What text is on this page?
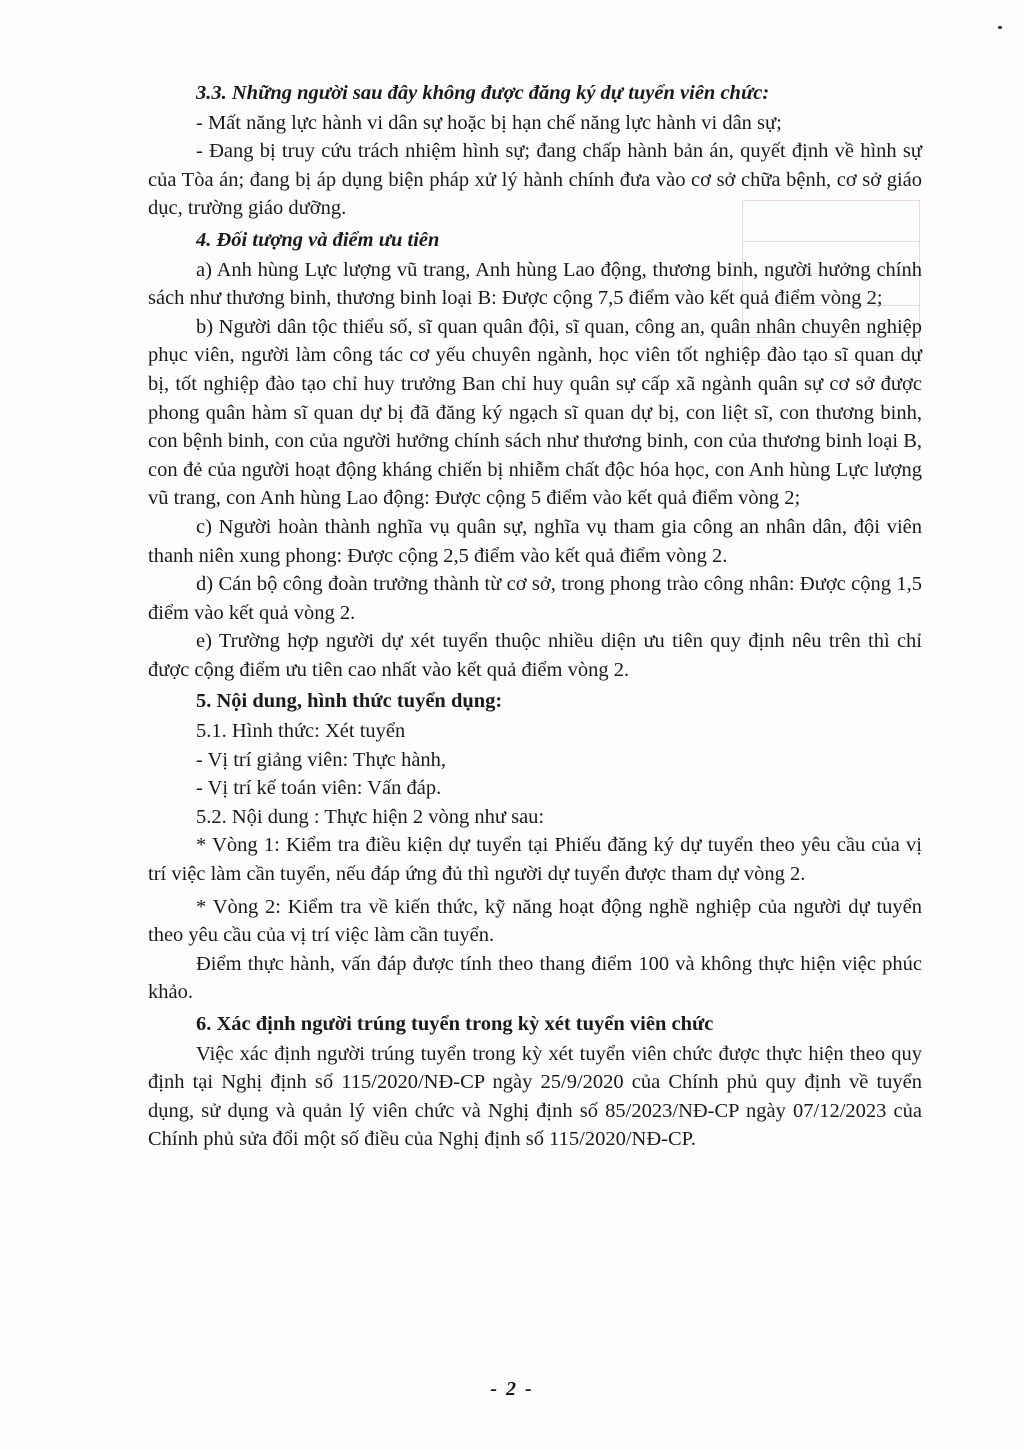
3.3. Những người sau đây không được đăng ký dự tuyển viên chức:

- Mất năng lực hành vi dân sự hoặc bị hạn chế năng lực hành vi dân sự;

- Đang bị truy cứu trách nhiệm hình sự; đang chấp hành bản án, quyết định về hình sự của Tòa án; đang bị áp dụng biện pháp xử lý hành chính đưa vào cơ sở chữa bệnh, cơ sở giáo dục, trường giáo dưỡng.

4. Đối tượng và điểm ưu tiên

a) Anh hùng Lực lượng vũ trang, Anh hùng Lao động, thương binh, người hưởng chính sách như thương binh, thương binh loại B: Được cộng 7,5 điểm vào kết quả điểm vòng 2;

b) Người dân tộc thiểu số, sĩ quan quân đội, sĩ quan, công an, quân nhân chuyên nghiệp phục viên, người làm công tác cơ yếu chuyên ngành, học viên tốt nghiệp đào tạo sĩ quan dự bị, tốt nghiệp đào tạo chỉ huy trưởng Ban chỉ huy quân sự cấp xã ngành quân sự cơ sở được phong quân hàm sĩ quan dự bị đã đăng ký ngạch sĩ quan dự bị, con liệt sĩ, con thương binh, con bệnh binh, con của người hưởng chính sách như thương binh, con của thương binh loại B, con đẻ của người hoạt động kháng chiến bị nhiễm chất độc hóa học, con Anh hùng Lực lượng vũ trang, con Anh hùng Lao động: Được cộng 5 điểm vào kết quả điểm vòng 2;

c) Người hoàn thành nghĩa vụ quân sự, nghĩa vụ tham gia công an nhân dân, đội viên thanh niên xung phong: Được cộng 2,5 điểm vào kết quả điểm vòng 2.

d) Cán bộ công đoàn trưởng thành từ cơ sở, trong phong trào công nhân: Được cộng 1,5 điểm vào kết quả vòng 2.

e) Trường hợp người dự xét tuyển thuộc nhiều diện ưu tiên quy định nêu trên thì chỉ được cộng điểm ưu tiên cao nhất vào kết quả điểm vòng 2.

5. Nội dung, hình thức tuyển dụng:

5.1. Hình thức: Xét tuyển

- Vị trí giảng viên: Thực hành,

- Vị trí kế toán viên: Vấn đáp.

5.2. Nội dung : Thực hiện 2 vòng như sau:

* Vòng 1: Kiểm tra điều kiện dự tuyển tại Phiếu đăng ký dự tuyển theo yêu cầu của vị trí việc làm cần tuyển, nếu đáp ứng đủ thì người dự tuyển được tham dự vòng 2.

* Vòng 2: Kiểm tra về kiến thức, kỹ năng hoạt động nghề nghiệp của người dự tuyển theo yêu cầu của vị trí việc làm cần tuyển.

Điểm thực hành, vấn đáp được tính theo thang điểm 100 và không thực hiện việc phúc khảo.

6. Xác định người trúng tuyển trong kỳ xét tuyển viên chức

Việc xác định người trúng tuyển trong kỳ xét tuyển viên chức được thực hiện theo quy định tại Nghị định số 115/2020/NĐ-CP ngày 25/9/2020 của Chính phủ quy định về tuyển dụng, sử dụng và quản lý viên chức và Nghị định số 85/2023/NĐ-CP ngày 07/12/2023 của Chính phủ sửa đổi một số điều của Nghị định số 115/2020/NĐ-CP.

- 2 -
